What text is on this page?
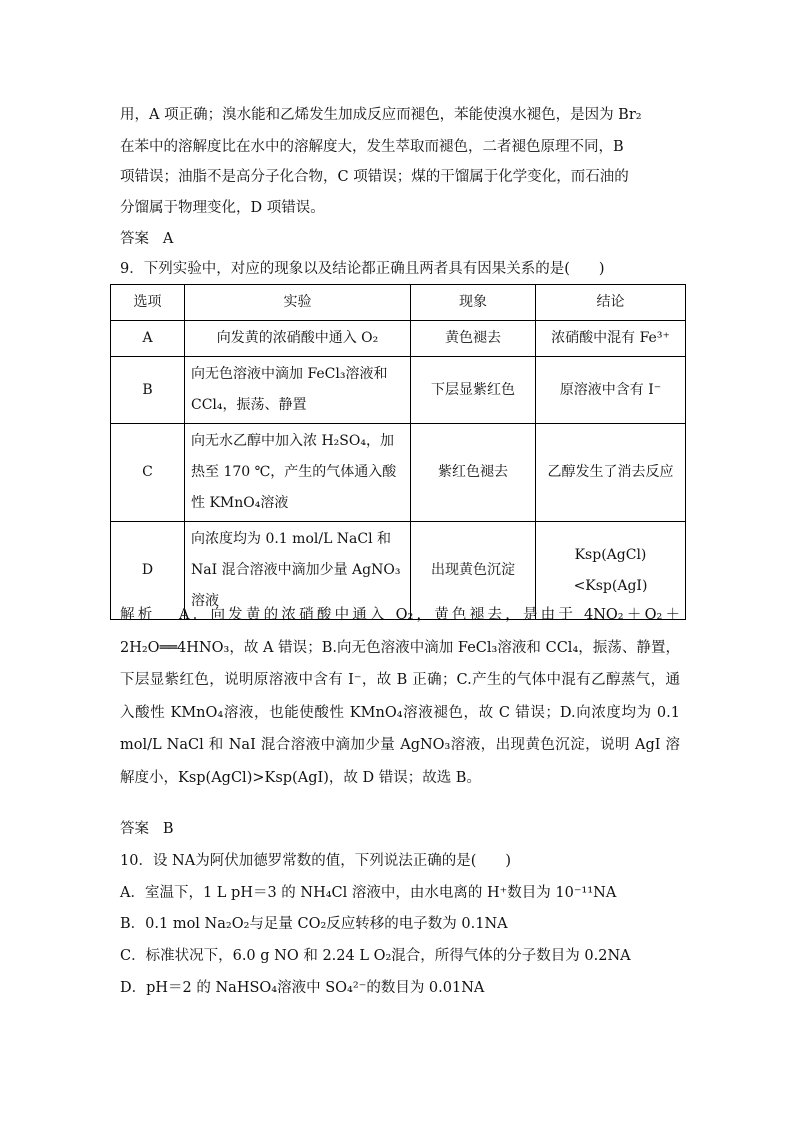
用，A 项正确；溴水能和乙烯发生加成反应而褪色，苯能使溴水褪色，是因为 Br₂
在苯中的溶解度比在水中的溶解度大，发生萃取而褪色，二者褪色原理不同，B
项错误；油脂不是高分子化合物，C 项错误；煤的干馏属于化学变化，而石油的
分馏属于物理变化，D 项错误。
答案 A
9．下列实验中，对应的现象以及结论都正确且两者具有因果关系的是(　　)
选项	实验	现象	结论
A	向发黄的浓硝酸中通入 O₂	黄色褪去	浓硝酸中混有 Fe³⁺
B	向无色溶液中滴加 FeCl₃溶液和 CCl₄，振荡、静置	下层显紫红色	原溶液中含有 I⁻
C	向无水乙醇中加入浓 H₂SO₄，加热至 170 ℃，产生的气体通入酸性 KMnO₄溶液	紫红色褪去	乙醇发生了消去反应
D	向浓度均为 0.1 mol/L NaCl 和 NaI 混合溶液中滴加少量 AgNO₃溶液	出现黄色沉淀	Ksp(AgCl)<Ksp(AgI)

解析 A．向发黄的浓硝酸中通入 O₂，黄色褪去，是由于 4NO₂＋O₂＋2H₂O══4HNO₃，故 A 错误；B.向无色溶液中滴加 FeCl₃溶液和 CCl₄，振荡、静置，下层显紫红色，说明原溶液中含有 I⁻，故 B 正确；C.产生的气体中混有乙醇蒸气，通入酸性 KMnO₄溶液，也能使酸性 KMnO₄溶液褪色，故 C 错误；D.向浓度均为 0.1 mol/L NaCl 和 NaI 混合溶液中滴加少量 AgNO₃溶液，出现黄色沉淀，说明 AgI 溶解度小，Ksp(AgCl)>Ksp(AgI)，故 D 错误；故选 B。

答案 B
10．设 NA为阿伏加德罗常数的值，下列说法正确的是(　　)
A．室温下，1 L pH＝3 的 NH₄Cl 溶液中，由水电离的 H⁺数目为 10⁻¹¹NA
B．0.1 mol Na₂O₂与足量 CO₂反应转移的电子数为 0.1NA
C．标准状况下，6.0 g NO 和 2.24 L O₂混合，所得气体的分子数目为 0.2NA
D．pH＝2 的 NaHSO₄溶液中 SO₄²⁻的数目为 0.01NA
